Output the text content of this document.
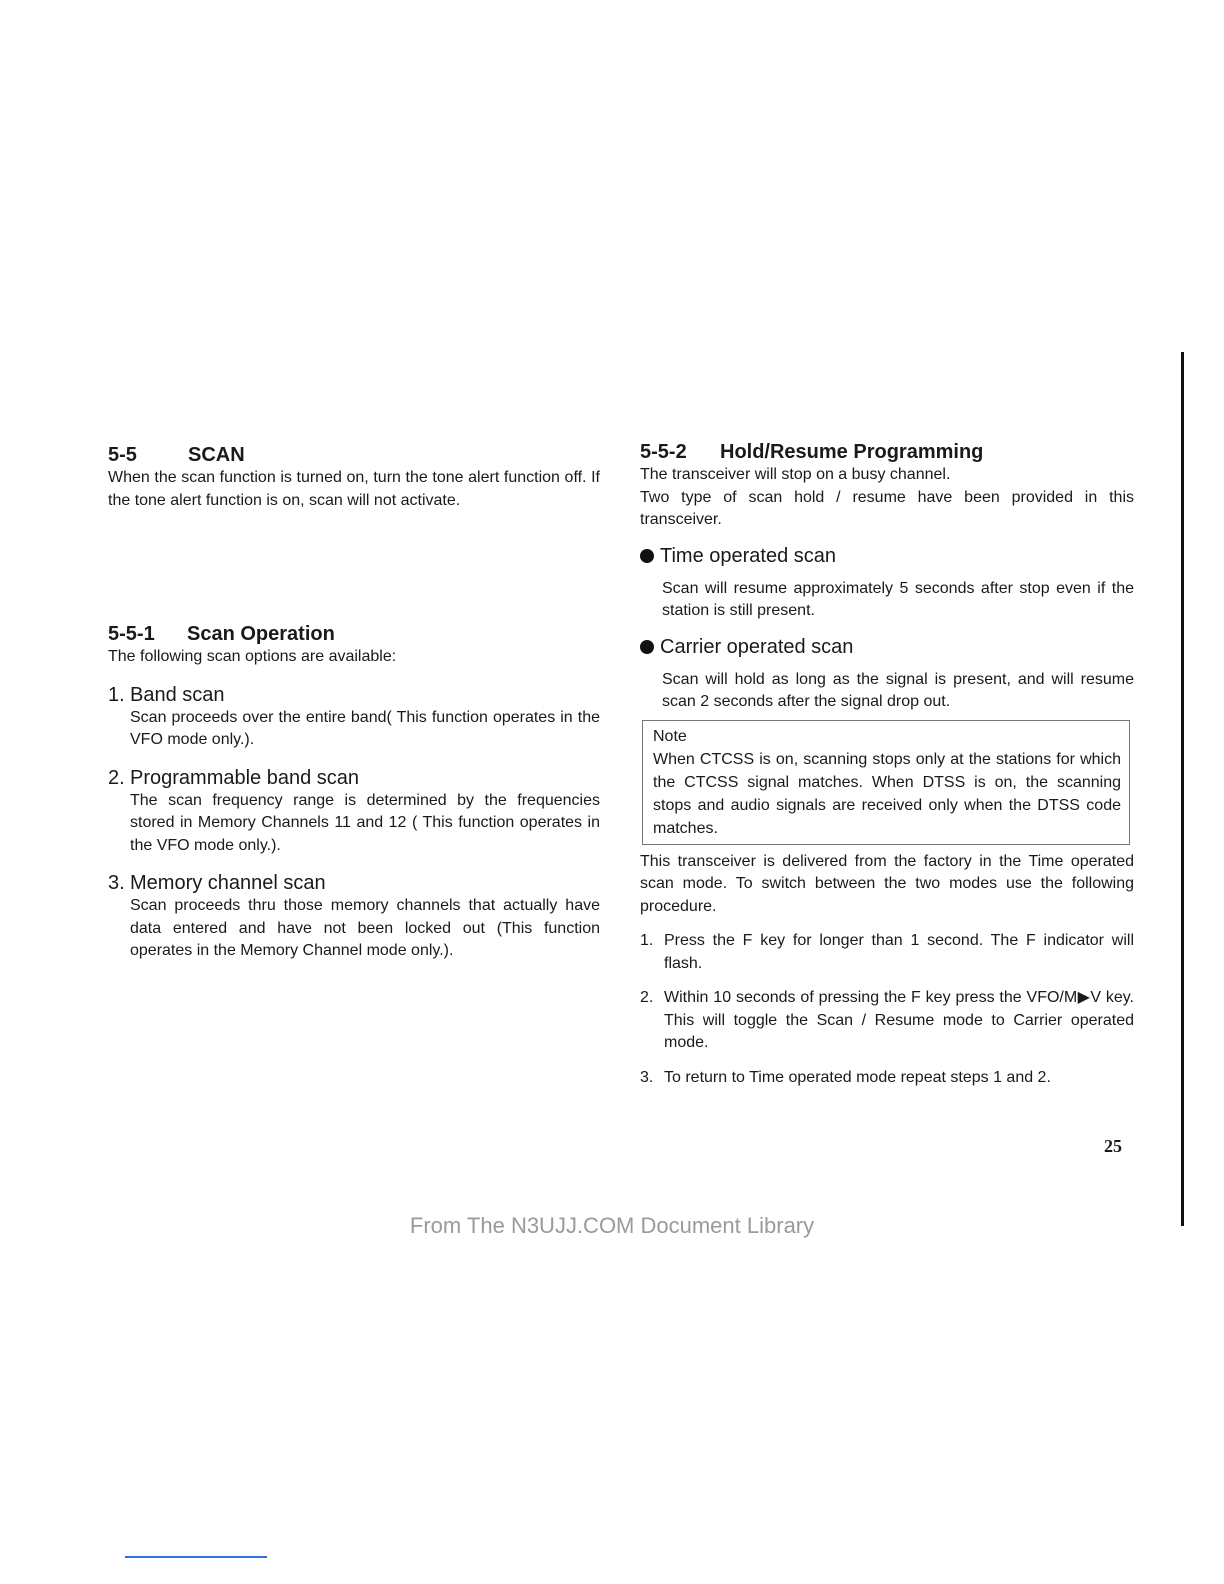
5-5	SCAN

When the scan function is turned on, turn the tone alert function off. If the tone alert function is on, scan will not activate.

5-5-1	Scan Operation

The following scan options are available:

1. Band scan
Scan proceeds over the entire band( This function operates in the VFO mode only.).
2. Programmable band scan
The scan frequency range is determined by the frequencies stored in Memory Channels 11 and 12 ( This function operates in the VFO mode only.).
3. Memory channel scan
Scan proceeds thru those memory channels that actually have data entered and have not been locked out (This function operates in the Memory Channel mode only.).
5-5-2	Hold/Resume Programming

The transceiver will stop on a busy channel.

Two type of scan hold / resume have been provided in this transceiver.

Time operated scan
Scan will resume approximately 5 seconds after stop even if the station is still present.
Carrier operated scan
Scan will hold as long as the signal is present, and will resume scan 2 seconds after the signal drop out.

Note

When CTCSS is on, scanning stops only at the stations for which the CTCSS signal matches. When DTSS is on, the scanning stops and audio signals are received only when the DTSS code matches.

This transceiver is delivered from the factory in the Time operated scan mode. To switch between the two modes use the following procedure.

1. Press the F key for longer than 1 second. The F indicator will flash.
2. Within 10 seconds of pressing the F key press the VFO/M▶V key. This will toggle the Scan / Resume mode to Carrier operated mode.
3. To return to Time operated mode repeat steps 1 and 2.
25
From The N3UJJ.COM Document Library
